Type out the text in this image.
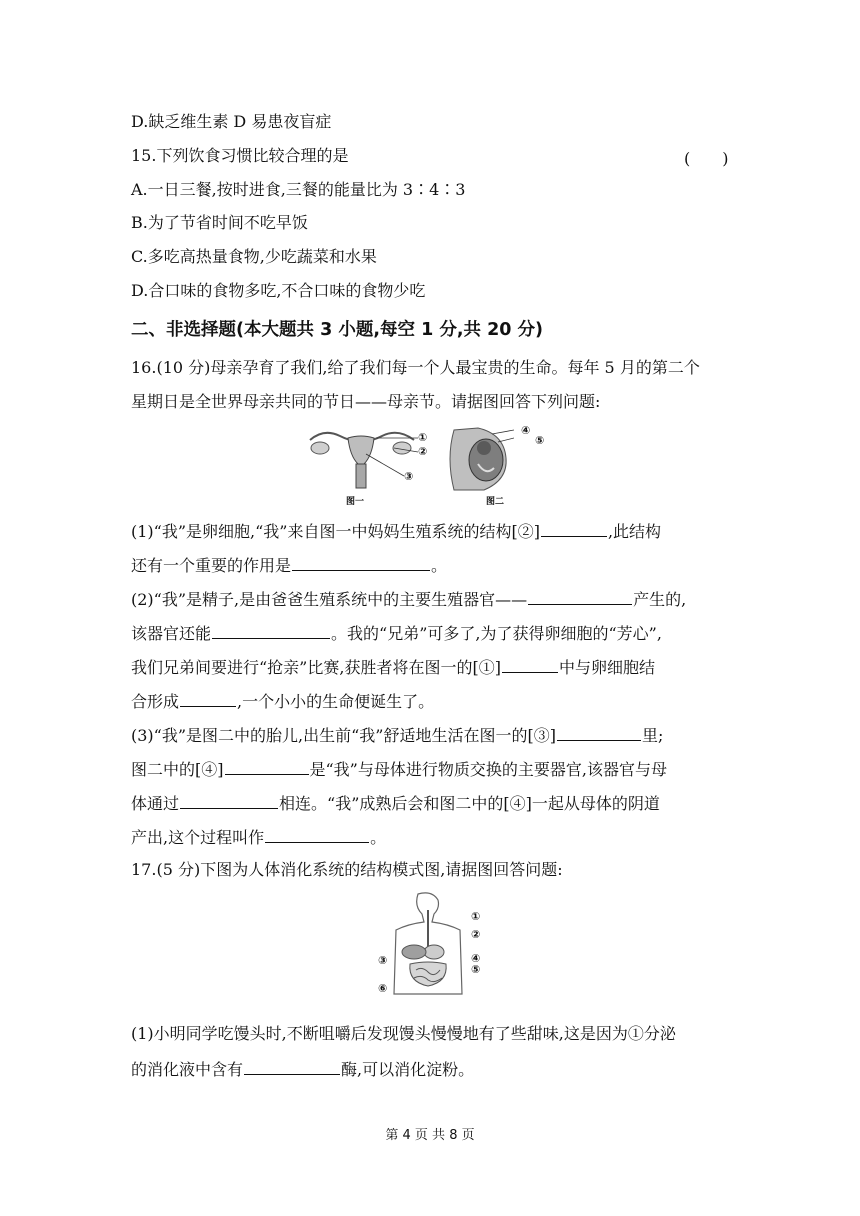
D.缺乏维生素 D 易患夜盲症
15.下列饮食习惯比较合理的是	(　　)
A.一日三餐,按时进食,三餐的能量比为 3∶4∶3
B.为了节省时间不吃早饭
C.多吃高热量食物,少吃蔬菜和水果
D.合口味的食物多吃,不合口味的食物少吃
二、非选择题(本大题共 3 小题,每空 1 分,共 20 分)
16.(10 分)母亲孕育了我们,给了我们每一个人最宝贵的生命。每年 5 月的第二个
星期日是全世界母亲共同的节日——母亲节。请据图回答下列问题:
图一
①
②
③
图二
④
⑤
(1)“我”是卵细胞,“我”来自图一中妈妈生殖系统的结构[②]	,此结构
还有一个重要的作用是	。
(2)“我”是精子,是由爸爸生殖系统中的主要生殖器官——	产生的,
该器官还能	。我的“兄弟”可多了,为了获得卵细胞的“芳心”,
我们兄弟间要进行“抢亲”比赛,获胜者将在图一的[①]	中与卵细胞结
合形成	,一个小小的生命便诞生了。
(3)“我”是图二中的胎儿,出生前“我”舒适地生活在图一的[③]	里;
图二中的[④]	是“我”与母体进行物质交换的主要器官,该器官与母
体通过	相连。“我”成熟后会和图二中的[④]一起从母体的阴道
产出,这个过程叫作	。
17.(5 分)下图为人体消化系统的结构模式图,请据图回答问题:
①
②
③	④
⑤
⑥
(1)小明同学吃馒头时,不断咀嚼后发现馒头慢慢地有了些甜味,这是因为①分泌
的消化液中含有	酶,可以消化淀粉。
第 4 页 共 8 页
